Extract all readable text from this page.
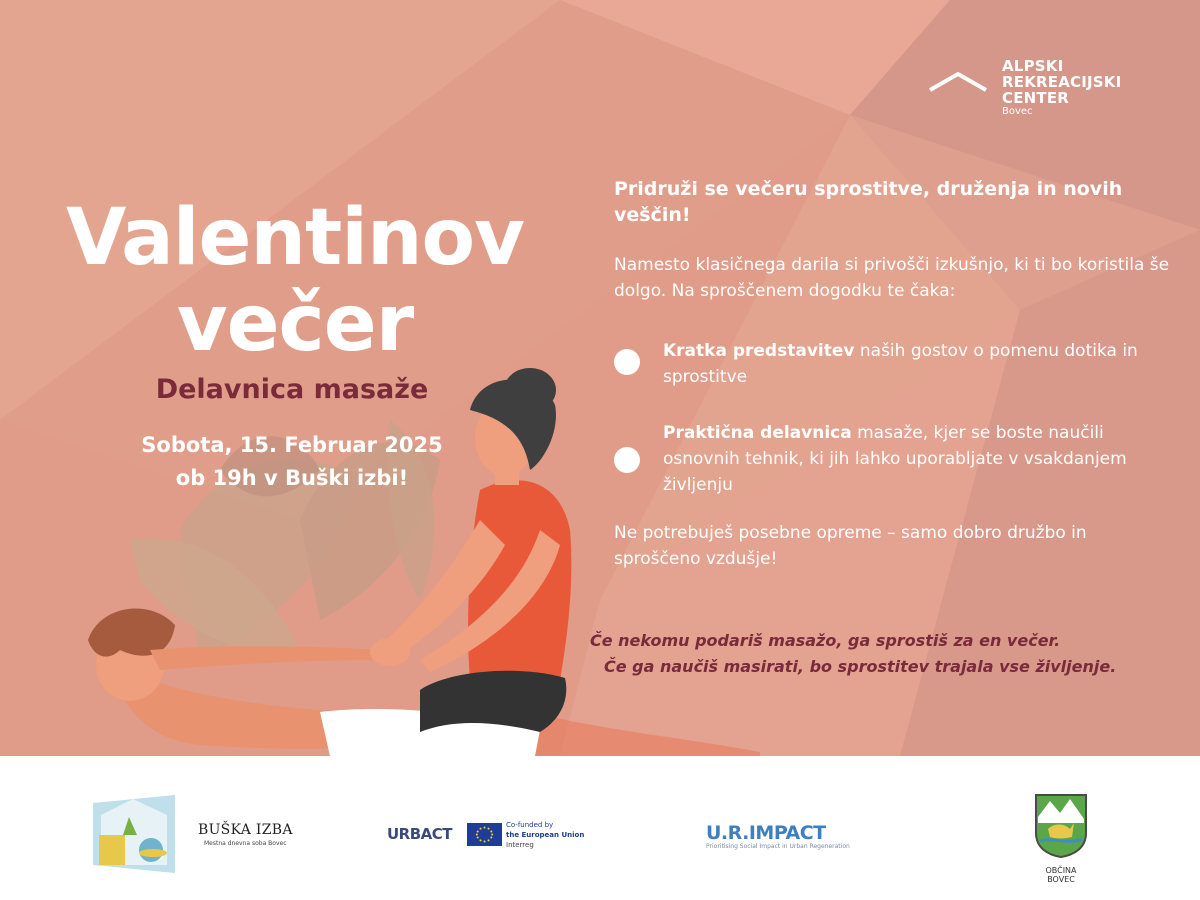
ALPSKI
REKREACIJSKI
CENTER
Bovec
Valentinov
večer
Delavnica masaže
Sobota, 15. Februar 2025
ob 19h v Buški izbi!
Pridruži se večeru sprostitve, druženja in novih veščin!
Namesto klasičnega darila si privošči izkušnjo, ki ti bo koristila še dolgo. Na sproščenem dogodku te čaka:
Kratka predstavitev naših gostov o pomenu dotika in sprostitve
Praktična delavnica masaže, kjer se boste naučili osnovnih tehnik, ki jih lahko uporabljate v vsakdanjem življenju
Ne potrebuješ posebne opreme – samo dobro družbo in sproščeno vzdušje!
Če nekomu podariš masažo, ga sprostiš za en večer.
Če ga naučiš masirati, bo sprostitev trajala vse življenje.
BUŠKA IZBA
Mestna dnevna soba Bovec
URBACT	Co-funded by
the European Union
Interreg
U.R.IMPACT
Prioritising Social Impact in Urban Regeneration
OBČINA BOVEC
